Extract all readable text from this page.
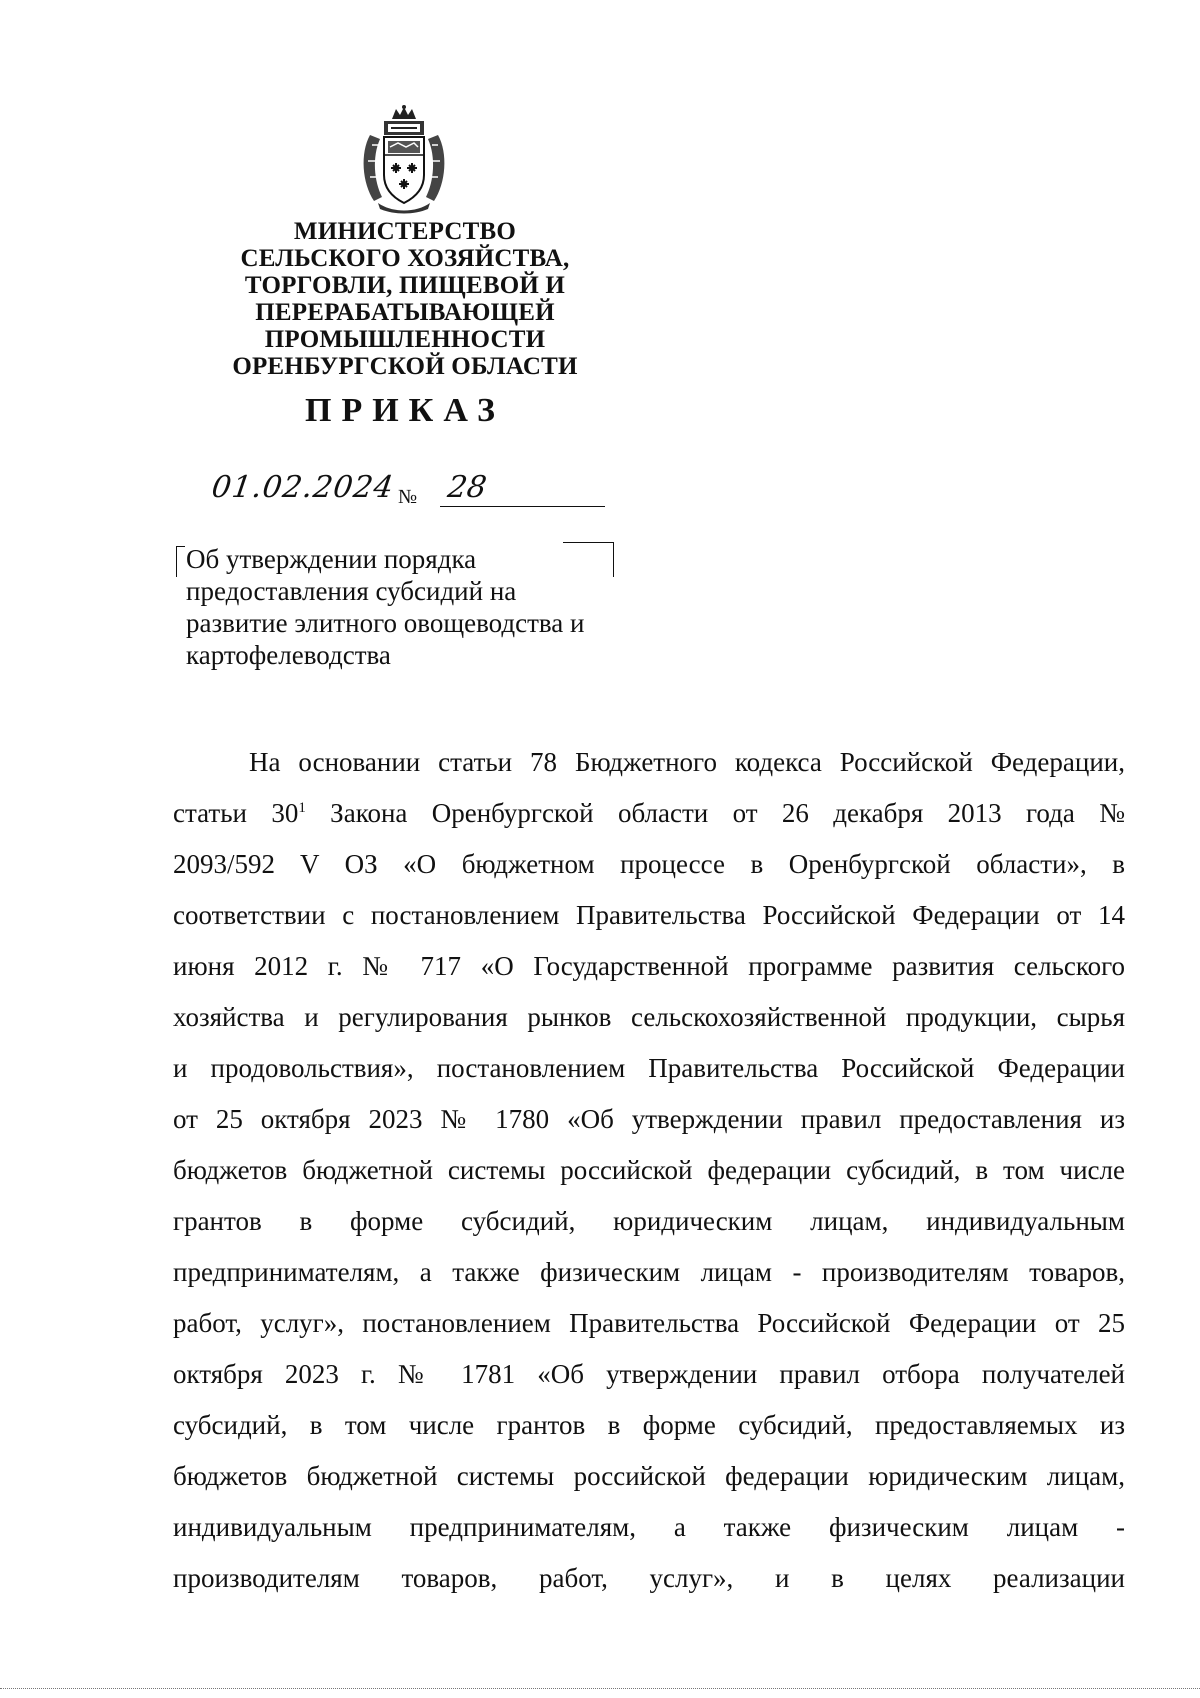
МИНИСТЕРСТВО
СЕЛЬСКОГО ХОЗЯЙСТВА,
ТОРГОВЛИ, ПИЩЕВОЙ И
ПЕРЕРАБАТЫВАЮЩЕЙ
ПРОМЫШЛЕННОСТИ
ОРЕНБУРГСКОЙ ОБЛАСТИ
ПРИКАЗ
01.02.2024 № 28
Об утверждении порядка
предоставления субсидий на
развитие элитного овощеводства и
картофелеводства
На основании статьи 78 Бюджетного кодекса Российской Федерации,
статьи $30^1$ Закона Оренбургской области от 26 декабря 2013 года №
2093/592 V ОЗ «О бюджетном процессе в Оренбургской области», в
соответствии с постановлением Правительства Российской Федерации от 14
июня 2012 г. № 717 «О Государственной программе развития сельского
хозяйства и регулирования рынков сельскохозяйственной продукции, сырья
и продовольствия», постановлением Правительства Российской Федерации
от 25 октября 2023 № 1780 «Об утверждении правил предоставления из
бюджетов бюджетной системы российской федерации субсидий, в том числе
грантов в форме субсидий, юридическим лицам, индивидуальным
предпринимателям, а также физическим лицам - производителям товаров,
работ, услуг», постановлением Правительства Российской Федерации от 25
октября 2023 г. № 1781 «Об утверждении правил отбора получателей
субсидий, в том числе грантов в форме субсидий, предоставляемых из
бюджетов бюджетной системы российской федерации юридическим лицам,
индивидуальным предпринимателям, а также физическим лицам -
производителям товаров, работ, услуг», и в целях реализации
